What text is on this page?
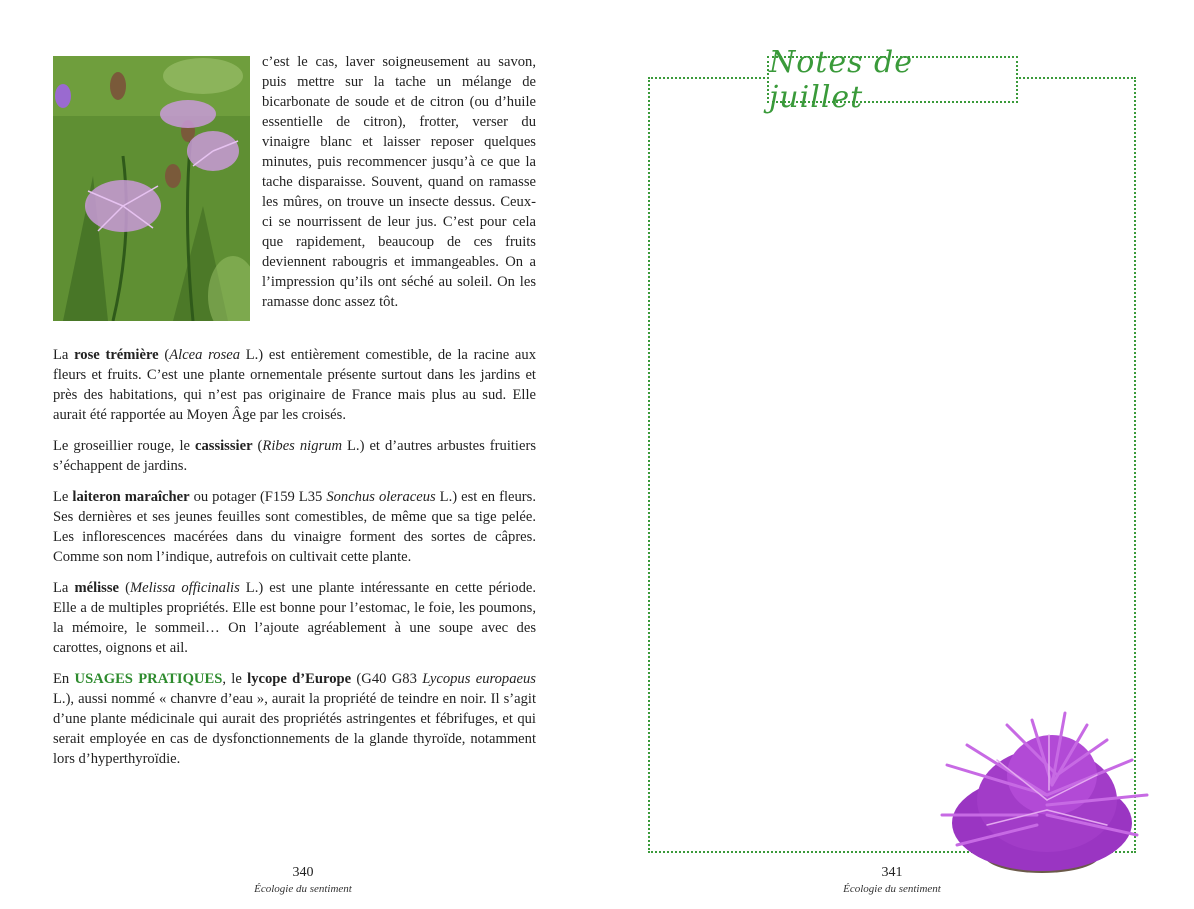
c’est le cas, laver soigneusement au savon, puis mettre sur la tache un mélange de bicarbonate de soude et de citron (ou d’huile essentielle de citron), frotter, verser du vinaigre blanc et laisser reposer quelques minutes, puis recommencer jusqu’à ce que la tache disparaisse. Souvent, quand on ramasse les mûres, on trouve un insecte dessus. Ceux-ci se nourrissent de leur jus. C’est pour cela que rapidement, beaucoup de ces fruits deviennent rabougris et immangeables. On a l’impression qu’ils ont séché au soleil. On les ramasse donc assez tôt.

La rose trémière (Alcea rosea L.) est entièrement comestible, de la racine aux fleurs et fruits. C’est une plante ornementale présente surtout dans les jardins et près des habitations, qui n’est pas originaire de France mais plus au sud. Elle aurait été rapportée au Moyen Âge par les croisés.

Le groseillier rouge, le cassissier (Ribes nigrum L.) et d’autres arbustes fruitiers s’échappent de jardins.

Le laiteron maraîcher ou potager (F159 L35 Sonchus oleraceus L.) est en fleurs. Ses dernières et ses jeunes feuilles sont comestibles, de même que sa tige pelée. Les inflorescences macérées dans du vinaigre forment des sortes de câpres. Comme son nom l’indique, autrefois on cultivait cette plante.

La mélisse (Melissa officinalis L.) est une plante intéressante en cette période. Elle a de multiples propriétés. Elle est bonne pour l’estomac, le foie, les poumons, la mémoire, le sommeil… On l’ajoute agréablement à une soupe avec des carottes, oignons et ail.

En USAGES PRATIQUES, le lycope d’Europe (G40 G83 Lycopus europaeus L.), aussi nommé « chanvre d’eau », aurait la propriété de teindre en noir. Il s’agit d’une plante médicinale qui aurait des propriétés astringentes et fébrifuges, et qui serait employée en cas de dysfonctionnements de la glande thyroïde, notamment lors d’hyperthyroïdie.

340
Écologie du sentiment
Notes de juillet
341
Écologie du sentiment
